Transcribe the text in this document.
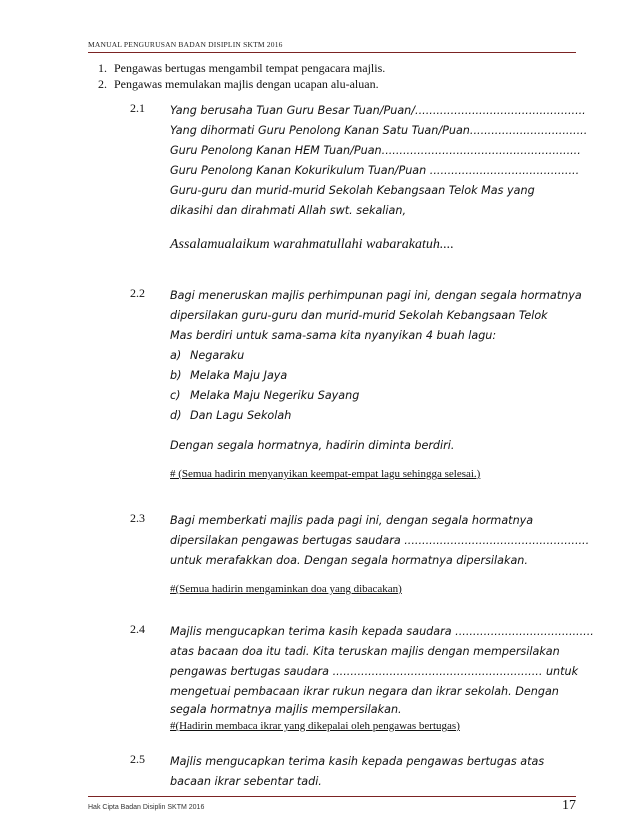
MANUAL PENGURUSAN BADAN DISIPLIN SKTM 2016
1. Pengawas bertugas mengambil tempat pengacara majlis.
2. Pengawas memulakan majlis dengan ucapan alu-aluan.
2.1 Yang berusaha Tuan Guru Besar Tuan/Puan/................................................

Yang dihormati Guru Penolong Kanan Satu Tuan/Puan.................................

Guru Penolong Kanan HEM Tuan/Puan........................................................

Guru Penolong Kanan Kokurikulum Tuan/Puan ..........................................

Guru-guru dan murid-murid Sekolah Kebangsaan Telok Mas yang

dikasihi dan dirahmati Allah swt. sekalian,

Assalamualaikum warahmatullahi wabarakatuh....

2.2 Bagi meneruskan majlis perhimpunan pagi ini, dengan segala hormatnya

dipersilakan guru-guru dan murid-murid Sekolah Kebangsaan Telok

Mas berdiri untuk sama-sama kita nyanyikan 4 buah lagu:

a) Negaraku

b) Melaka Maju Jaya

c) Melaka Maju Negeriku Sayang

d) Dan Lagu Sekolah

Dengan segala hormatnya, hadirin diminta berdiri.

# (Semua hadirin menyanyikan keempat-empat lagu sehingga selesai.)

2.3 Bagi memberkati majlis pada pagi ini, dengan segala hormatnya

dipersilakan pengawas bertugas saudara ....................................................

untuk merafakkan doa. Dengan segala hormatnya dipersilakan.

#(Semua hadirin mengaminkan doa yang dibacakan)

2.4 Majlis mengucapkan terima kasih kepada saudara .......................................

atas bacaan doa itu tadi. Kita teruskan majlis dengan mempersilakan

pengawas bertugas saudara ........................................................... untuk

mengetuai pembacaan ikrar rukun negara dan ikrar sekolah. Dengan

segala hormatnya majlis mempersilakan.

#(Hadirin membaca ikrar yang dikepalai oleh pengawas bertugas)

2.5 Majlis mengucapkan terima kasih kepada pengawas bertugas atas

bacaan ikrar sebentar tadi.

Hak Cipta Badan Disiplin SKTM 2016	17
